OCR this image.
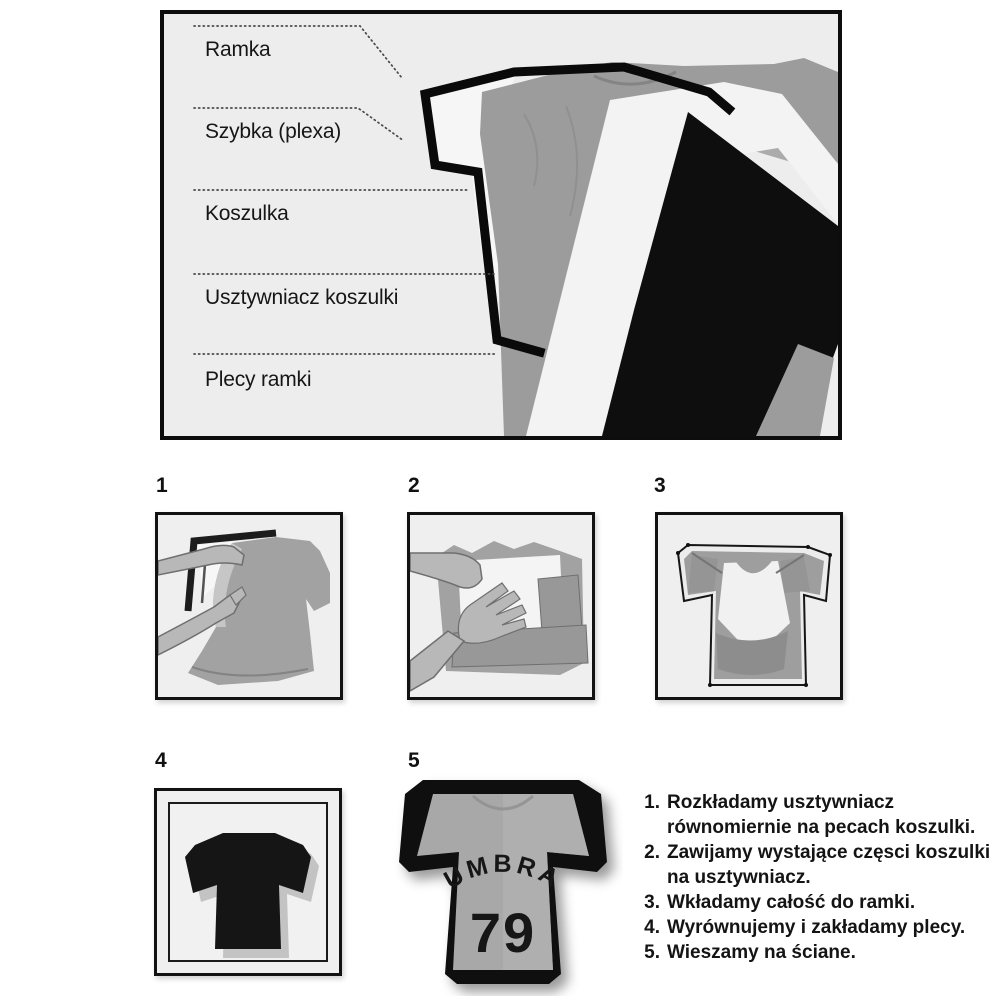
Ramka
Szybka (plexa)
Koszulka
Usztywniacz koszulki
Plecy ramki
1	2	3
4	5
UMBRA
79
1. Rozkładamy usztywniacz
równomiernie na pecach koszulki.
2. Zawijamy wystające częsci koszulki
na usztywniacz.
3. Wkładamy całość do ramki.
4. Wyrównujemy i zakładamy plecy.
5. Wieszamy na ściane.
